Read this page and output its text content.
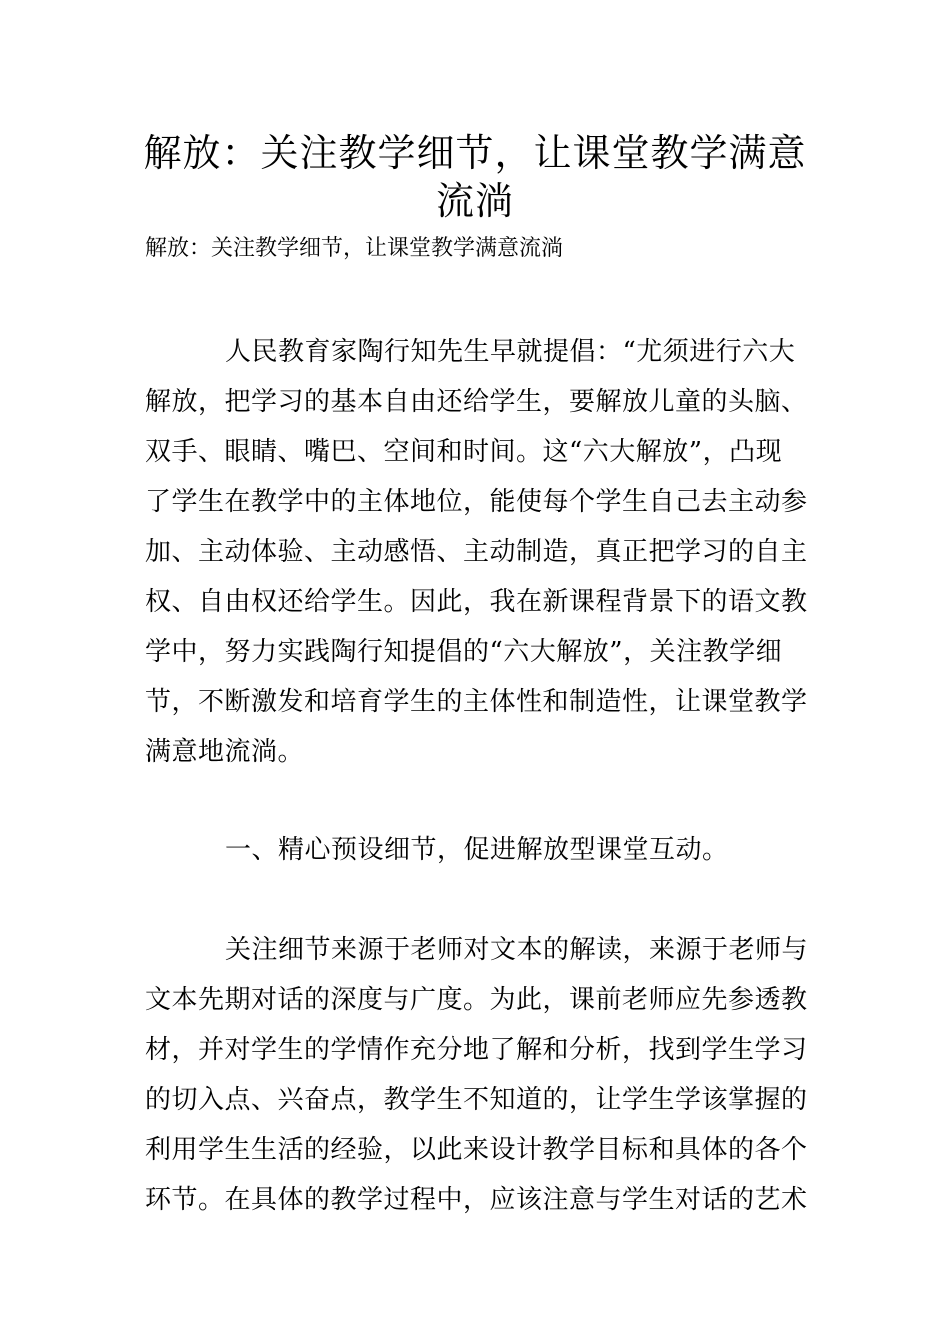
解放：关注教学细节，让课堂教学满意
流淌

解放：关注教学细节，让课堂教学满意流淌

人民教育家陶行知先生早就提倡：“尤须进行六大

解放，把学习的基本自由还给学生，要解放儿童的头脑、

双手、眼睛、嘴巴、空间和时间。这“六大解放”，凸现

了学生在教学中的主体地位，能使每个学生自己去主动参

加、主动体验、主动感悟、主动制造，真正把学习的自主

权、自由权还给学生。因此，我在新课程背景下的语文教

学中，努力实践陶行知提倡的“六大解放”，关注教学细

节，不断激发和培育学生的主体性和制造性，让课堂教学

满意地流淌。

一、精心预设细节，促进解放型课堂互动。

关注细节来源于老师对文本的解读，来源于老师与

文本先期对话的深度与广度。为此，课前老师应先参透教

材，并对学生的学情作充分地了解和分析，找到学生学习

的切入点、兴奋点，教学生不知道的，让学生学该掌握的

利用学生生活的经验，以此来设计教学目标和具体的各个

环节。在具体的教学过程中，应该注意与学生对话的艺术
